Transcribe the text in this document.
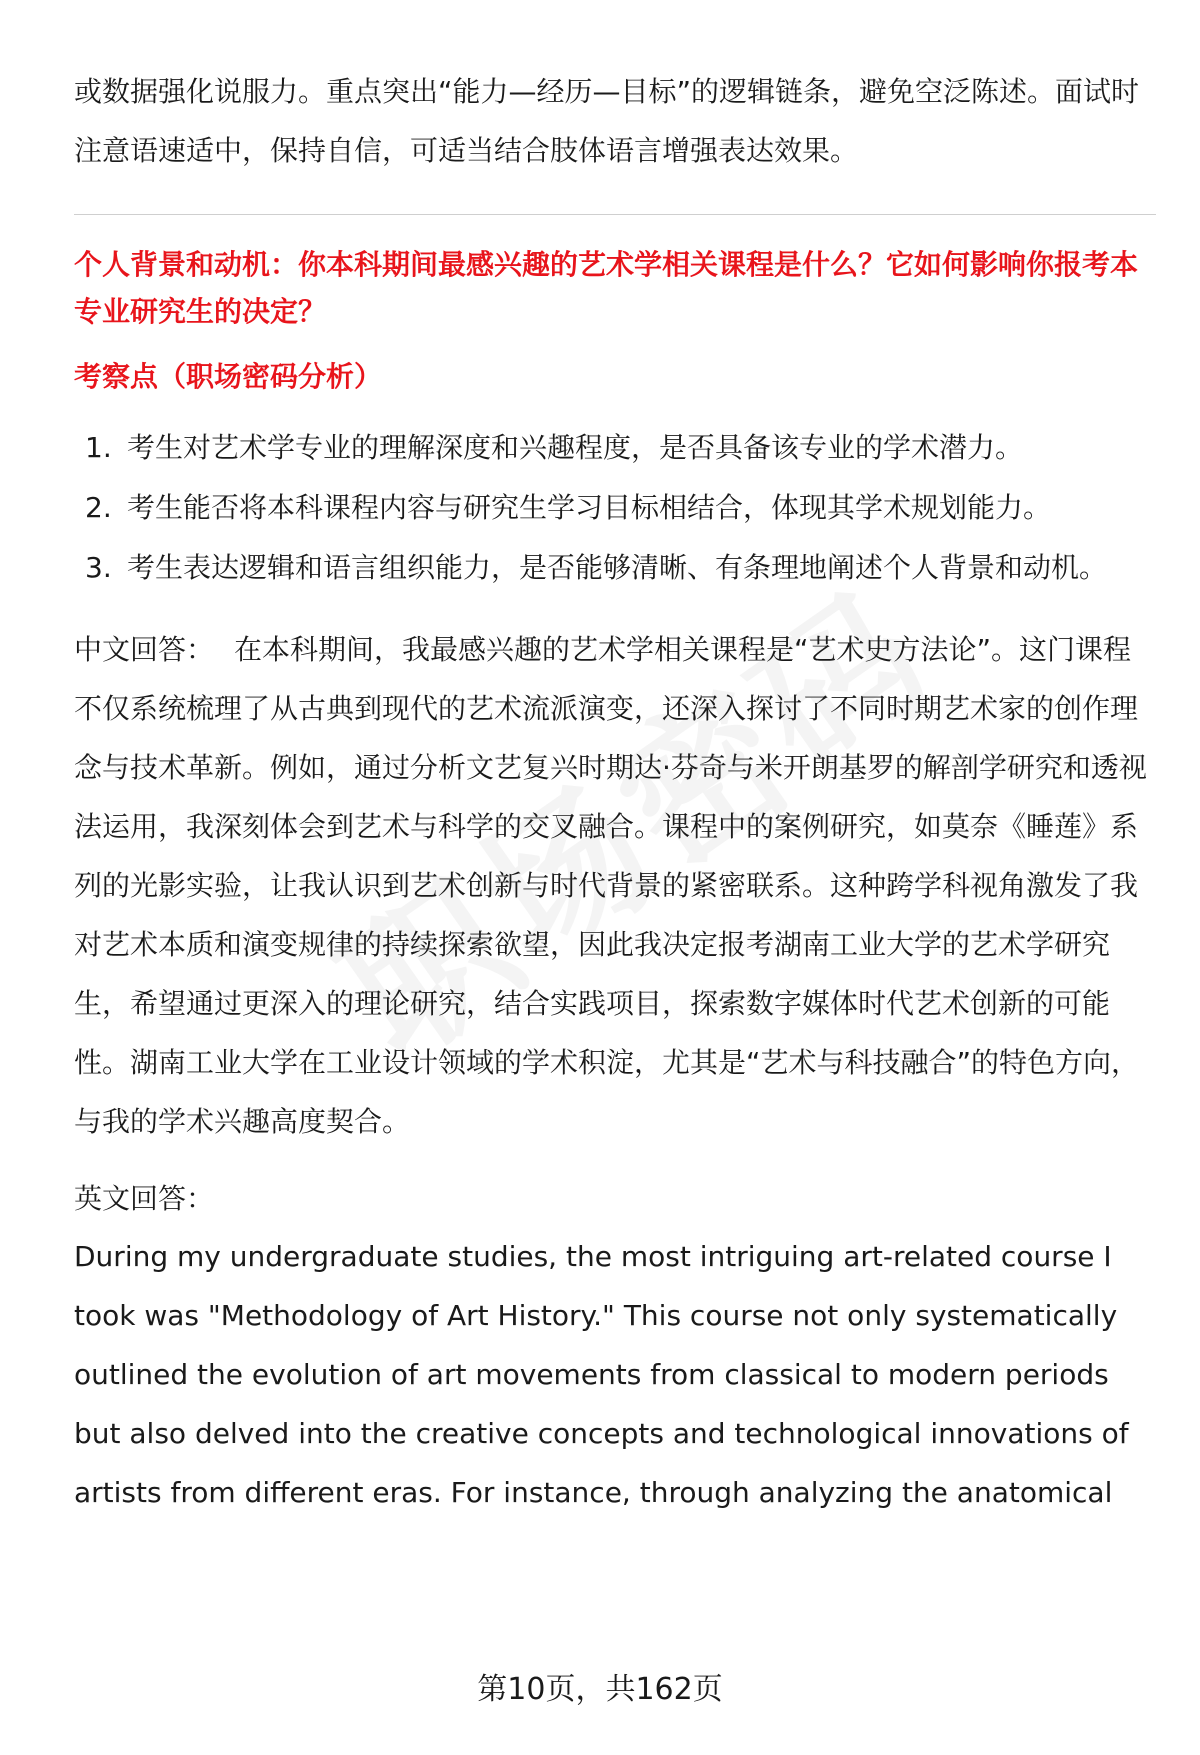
或数据强化说服力。重点突出“能力—经历—目标”的逻辑链条，避免空泛陈述。面试时注意语速适中，保持自信，可适当结合肢体语言增强表达效果。

个人背景和动机：你本科期间最感兴趣的艺术学相关课程是什么？它如何影响你报考本专业研究生的决定？

考察点（职场密码分析）

1. 考生对艺术学专业的理解深度和兴趣程度，是否具备该专业的学术潜力。
2. 考生能否将本科课程内容与研究生学习目标相结合，体现其学术规划能力。
3. 考生表达逻辑和语言组织能力，是否能够清晰、有条理地阐述个人背景和动机。

中文回答： 在本科期间，我最感兴趣的艺术学相关课程是“艺术史方法论”。这门课程不仅系统梳理了从古典到现代的艺术流派演变，还深入探讨了不同时期艺术家的创作理念与技术革新。例如，通过分析文艺复兴时期达·芬奇与米开朗基罗的解剖学研究和透视法运用，我深刻体会到艺术与科学的交叉融合。课程中的案例研究，如莫奈《睡莲》系列的光影实验，让我认识到艺术创新与时代背景的紧密联系。这种跨学科视角激发了我对艺术本质和演变规律的持续探索欲望，因此我决定报考湖南工业大学的艺术学研究生，希望通过更深入的理论研究，结合实践项目，探索数字媒体时代艺术创新的可能性。湖南工业大学在工业设计领域的学术积淀，尤其是“艺术与科技融合”的特色方向，与我的学术兴趣高度契合。

英文回答：

During my undergraduate studies, the most intriguing art-related course I took was "Methodology of Art History." This course not only systematically outlined the evolution of art movements from classical to modern periods but also delved into the creative concepts and technological innovations of artists from different eras. For instance, through analyzing the anatomical

第10页，共162页
